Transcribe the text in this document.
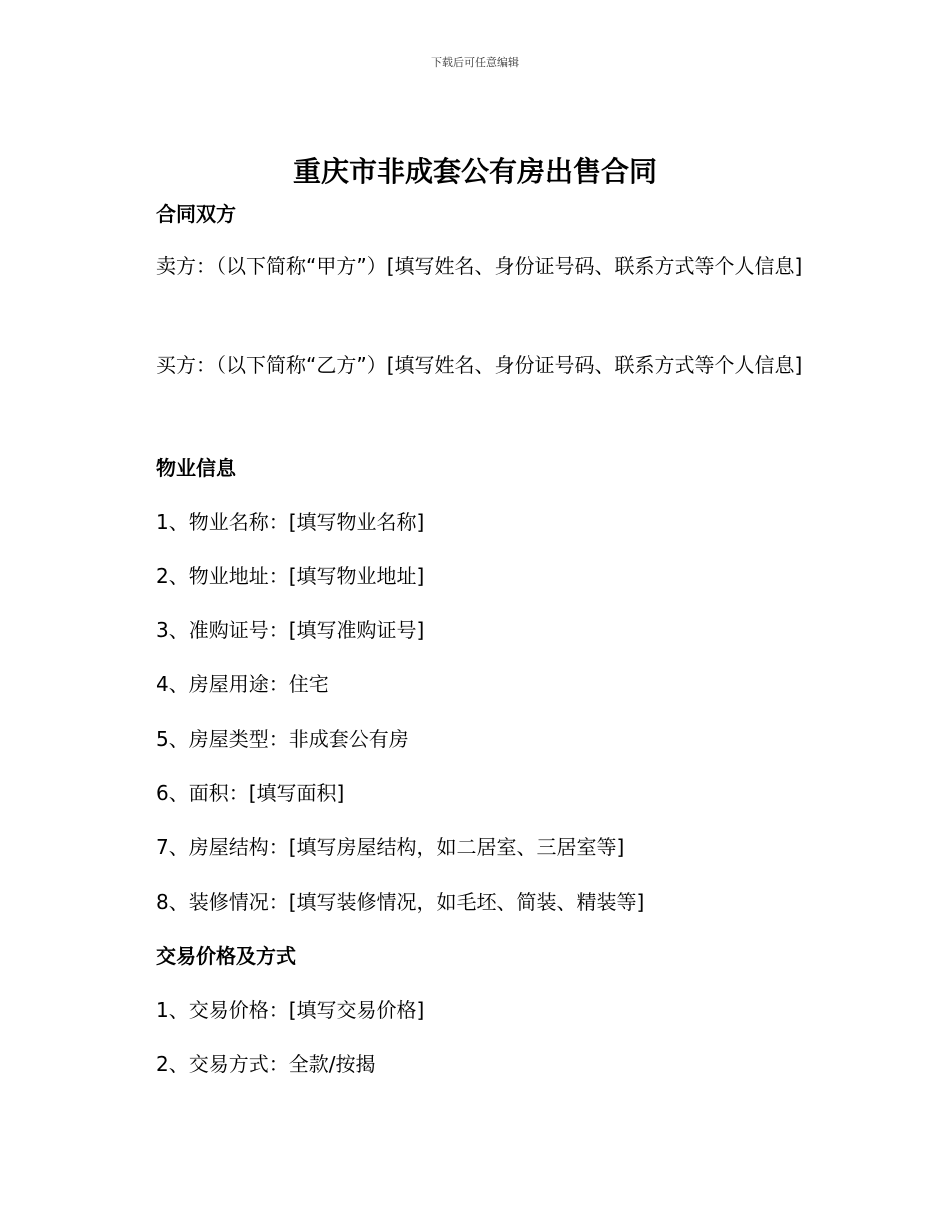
下载后可任意编辑
重庆市非成套公有房出售合同
合同双方
卖方：（以下简称“甲方”）[填写姓名、身份证号码、联系方式等个人信息]
买方：（以下简称“乙方”）[填写姓名、身份证号码、联系方式等个人信息]
物业信息
1、物业名称：[填写物业名称]
2、物业地址：[填写物业地址]
3、准购证号：[填写准购证号]
4、房屋用途：住宅
5、房屋类型：非成套公有房
6、面积：[填写面积]
7、房屋结构：[填写房屋结构，如二居室、三居室等]
8、装修情况：[填写装修情况，如毛坯、简装、精装等]
交易价格及方式
1、交易价格：[填写交易价格]
2、交易方式：全款/按揭
